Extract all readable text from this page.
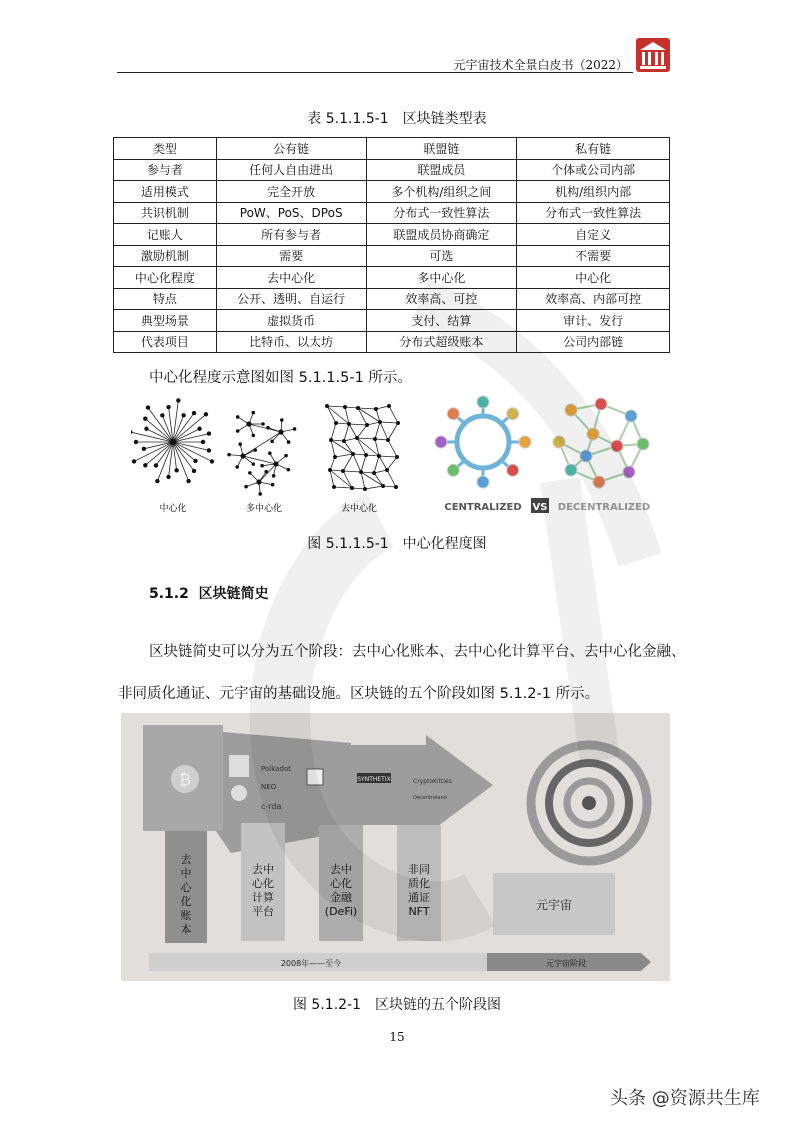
元宇宙技术全景白皮书（2022）
表 5.1.1.5-1　区块链类型表
类型	公有链	联盟链	私有链
参与者	任何人自由进出	联盟成员	个体或公司内部
适用模式	完全开放	多个机构/组织之间	机构/组织内部
共识机制	PoW、PoS、DPoS	分布式一致性算法	分布式一致性算法
记账人	所有参与者	联盟成员协商确定	自定义
激励机制	需要	可选	不需要
中心化程度	去中心化	多中心化	中心化
特点	公开、透明、自运行	效率高、可控	效率高、内部可控
典型场景	虚拟货币	支付、结算	审计、发行
代表项目	比特币、以太坊	分布式超级账本	公司内部链
中心化程度示意图如图 5.1.1.5-1 所示。
中心化	多中心化	去中心化	CENTRALIZED VS DECENTRALIZED
图 5.1.1.5-1　中心化程度图
5.1.2 区块链简史
区块链简史可以分为五个阶段：去中心化账本、去中心化计算平台、去中心化金融、
非同质化通证、元宇宙的基础设施。区块链的五个阶段如图 5.1.2-1 所示。
₿
Polkadot
NEO
c-rda
SYNTHETIX	CryptoKitties
Decentraland
去
中
心
化
账
本
去中
心化
计算
平台
去中
心化
金融
(DeFi)
非同
质化
通证
NFT	元宇宙
2008年——至今	元宇宙阶段
图 5.1.2-1　区块链的五个阶段图
15
头条 @资源共生库
